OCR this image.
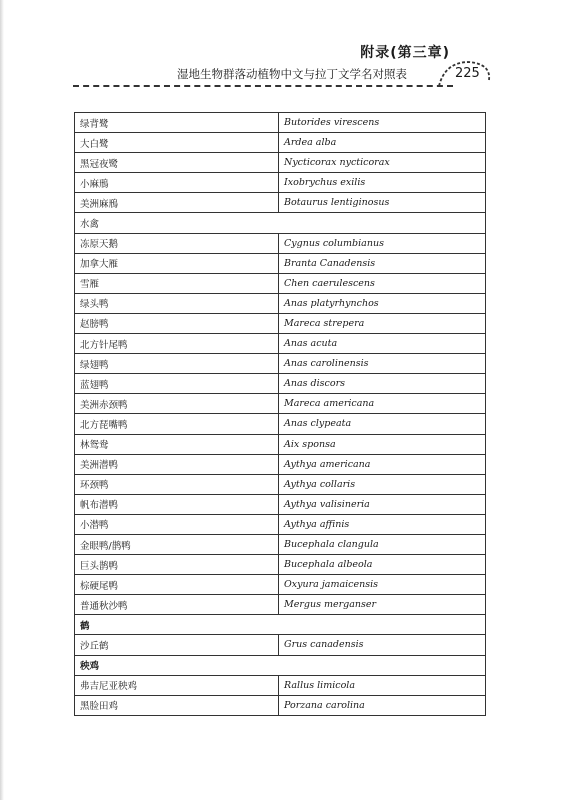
附录(第三章)
湿地生物群落动植物中文与拉丁文学名对照表	225
绿背鹭	Butorides virescens
大白鹭	Ardea alba
黑冠夜鹭	Nycticorax nycticorax
小麻鳽	Ixobrychus exilis
美洲麻鳽	Botaurus lentiginosus
水禽	
冻原天鹅	Cygnus columbianus
加拿大雁	Branta Canadensis
雪雁	Chen caerulescens
绿头鸭	Anas platyrhynchos
赵膀鸭	Mareca strepera
北方针尾鸭	Anas acuta
绿翅鸭	Anas carolinensis
蓝翅鸭	Anas discors
美洲赤颈鸭	Mareca americana
北方琵嘴鸭	Anas clypeata
林鸳鸯	Aix sponsa
美洲潜鸭	Aythya americana
环颈鸭	Aythya collaris
帆布潜鸭	Aythya valisineria
小潜鸭	Aythya affinis
金眼鸭/鹊鸭	Bucephala clangula
巨头鹊鸭	Bucephala albeola
棕硬尾鸭	Oxyura jamaicensis
普通秋沙鸭	Mergus merganser
鹤	
沙丘鹤	Grus canadensis
秧鸡	
弗吉尼亚秧鸡	Rallus limicola
黑脸田鸡	Porzana carolina
